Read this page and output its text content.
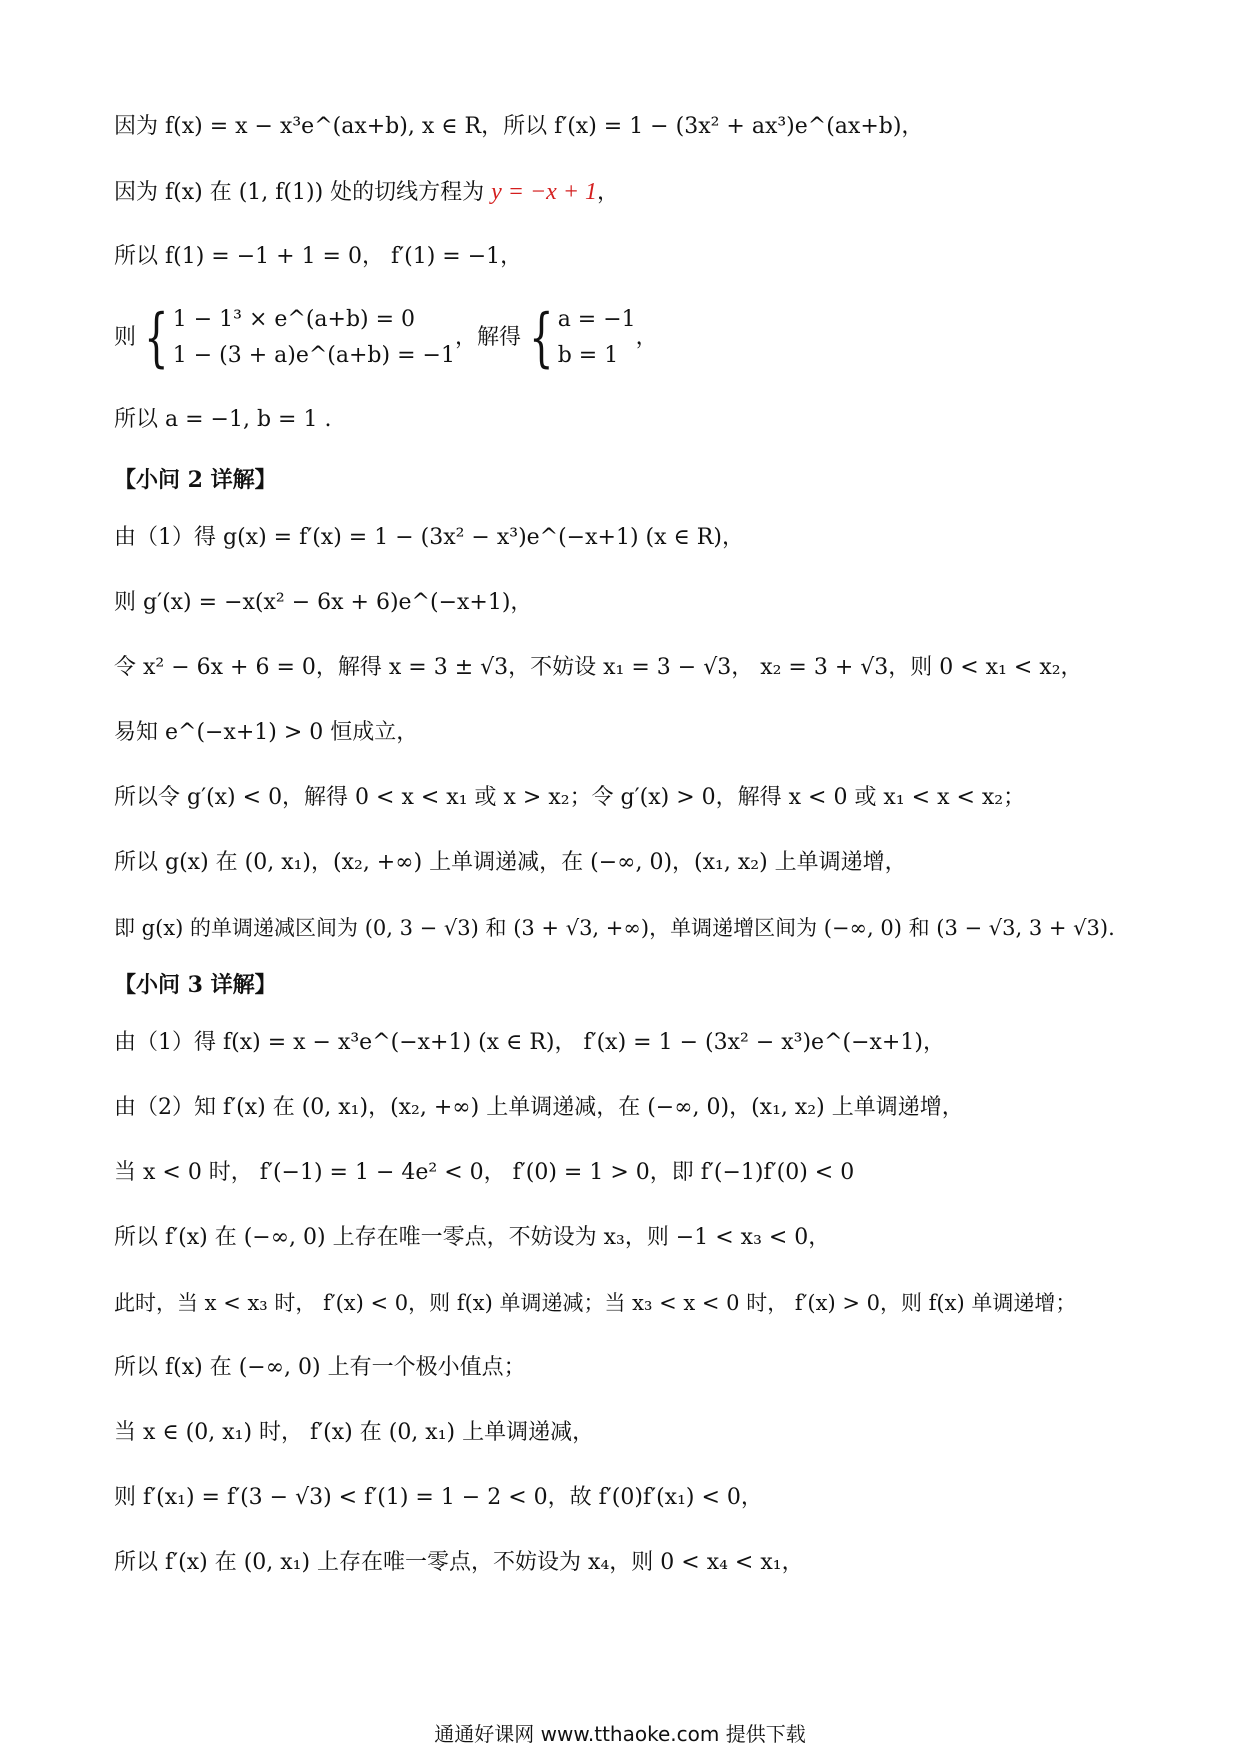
因为 f(x) = x − x³e^(ax+b), x ∈ R，所以 f′(x) = 1 − (3x² + ax³)e^(ax+b)，
因为 f(x) 在 (1, f(1)) 处的切线方程为 y = −x + 1，
所以 f(1) = −1 + 1 = 0， f′(1) = −1，
则 { 1 − 1³ × e^(a+b) = 0
1 − (3 + a)e^(a+b) = −1
，解得 { a = −1
b = 1
，
所以 a = −1, b = 1 .
【小问 2 详解】
由（1）得 g(x) = f′(x) = 1 − (3x² − x³)e^(−x+1) (x ∈ R)，
则 g′(x) = −x(x² − 6x + 6)e^(−x+1)，
令 x² − 6x + 6 = 0，解得 x = 3 ± √3，不妨设 x₁ = 3 − √3， x₂ = 3 + √3，则 0 < x₁ < x₂，
易知 e^(−x+1) > 0 恒成立，
所以令 g′(x) < 0，解得 0 < x < x₁ 或 x > x₂；令 g′(x) > 0，解得 x < 0 或 x₁ < x < x₂；
所以 g(x) 在 (0, x₁)，(x₂, +∞) 上单调递减，在 (−∞, 0)，(x₁, x₂) 上单调递增，
即 g(x) 的单调递减区间为 (0, 3 − √3) 和 (3 + √3, +∞)，单调递增区间为 (−∞, 0) 和 (3 − √3, 3 + √3).
【小问 3 详解】
由（1）得 f(x) = x − x³e^(−x+1) (x ∈ R)， f′(x) = 1 − (3x² − x³)e^(−x+1)，
由（2）知 f′(x) 在 (0, x₁)，(x₂, +∞) 上单调递减，在 (−∞, 0)，(x₁, x₂) 上单调递增，
当 x < 0 时， f′(−1) = 1 − 4e² < 0， f′(0) = 1 > 0，即 f′(−1)f′(0) < 0
所以 f′(x) 在 (−∞, 0) 上存在唯一零点，不妨设为 x₃，则 −1 < x₃ < 0，
此时，当 x < x₃ 时， f′(x) < 0，则 f(x) 单调递减；当 x₃ < x < 0 时， f′(x) > 0，则 f(x) 单调递增；
所以 f(x) 在 (−∞, 0) 上有一个极小值点；
当 x ∈ (0, x₁) 时， f′(x) 在 (0, x₁) 上单调递减，
则 f′(x₁) = f′(3 − √3) < f′(1) = 1 − 2 < 0，故 f′(0)f′(x₁) < 0，
所以 f′(x) 在 (0, x₁) 上存在唯一零点，不妨设为 x₄，则 0 < x₄ < x₁，
通通好课网 www.tthaoke.com 提供下载
